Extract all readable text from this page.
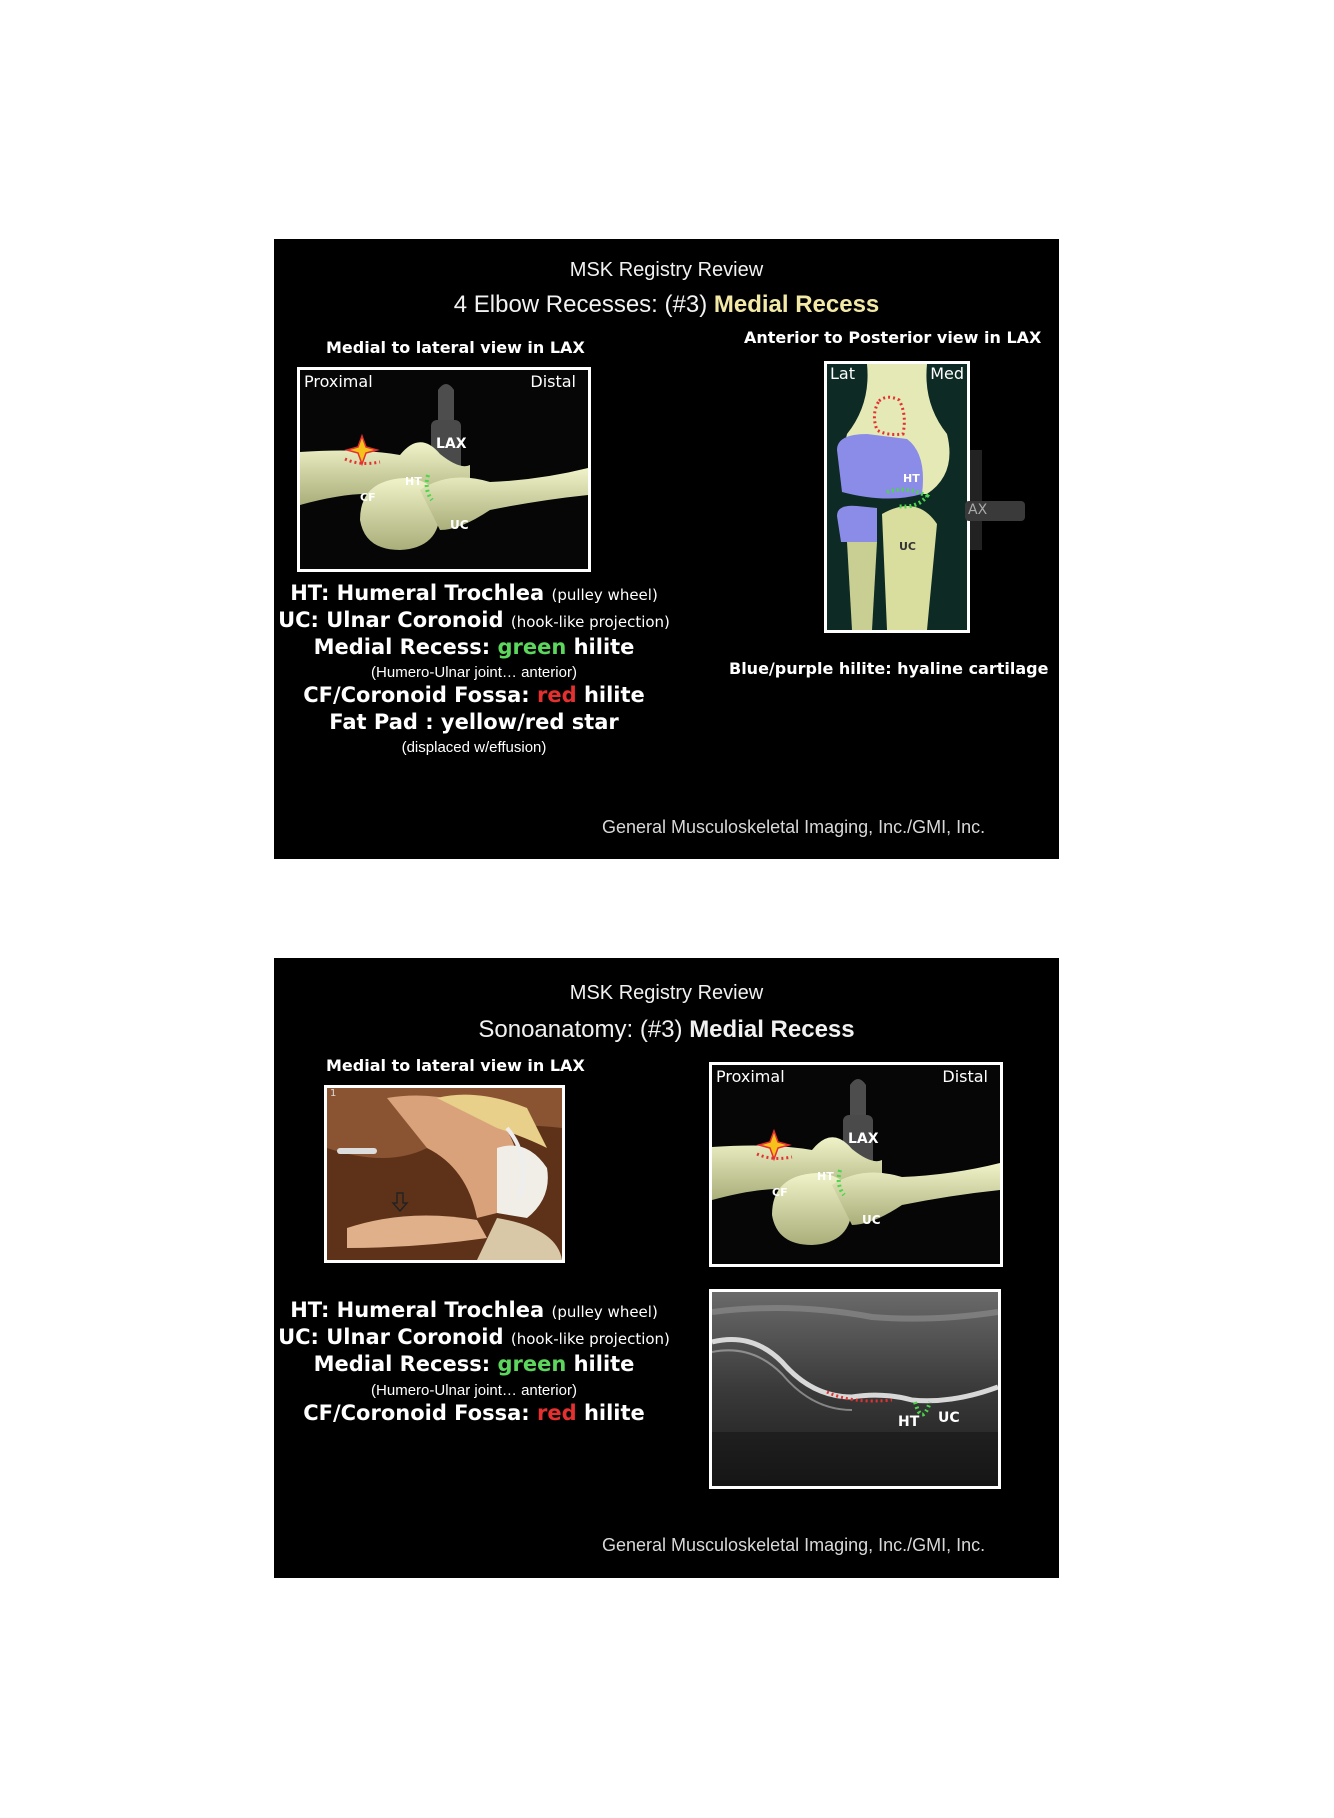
MSK Registry Review
4 Elbow Recesses: (#3) Medial Recess
Medial to lateral view in LAX
Anterior to Posterior view in LAX
Proximal	Distal
LAX
HT
CF
UC
Lat	Med
HT
UC
AX
Blue/purple hilite: hyaline cartilage
HT: Humeral Trochlea (pulley wheel)
UC: Ulnar Coronoid (hook-like projection)
Medial Recess: green hilite
(Humero-Ulnar joint… anterior)
CF/Coronoid Fossa: red hilite
Fat Pad : yellow/red star
(displaced w/effusion)
General Musculoskeletal Imaging, Inc./GMI, Inc.
MSK Registry Review
Sonoanatomy: (#3) Medial Recess
Medial to lateral view in LAX
1
Proximal	Distal
LAX
HT
CF
UC
HT UC
HT: Humeral Trochlea (pulley wheel)
UC: Ulnar Coronoid (hook-like projection)
Medial Recess: green hilite
(Humero-Ulnar joint… anterior)
CF/Coronoid Fossa: red hilite
General Musculoskeletal Imaging, Inc./GMI, Inc.
